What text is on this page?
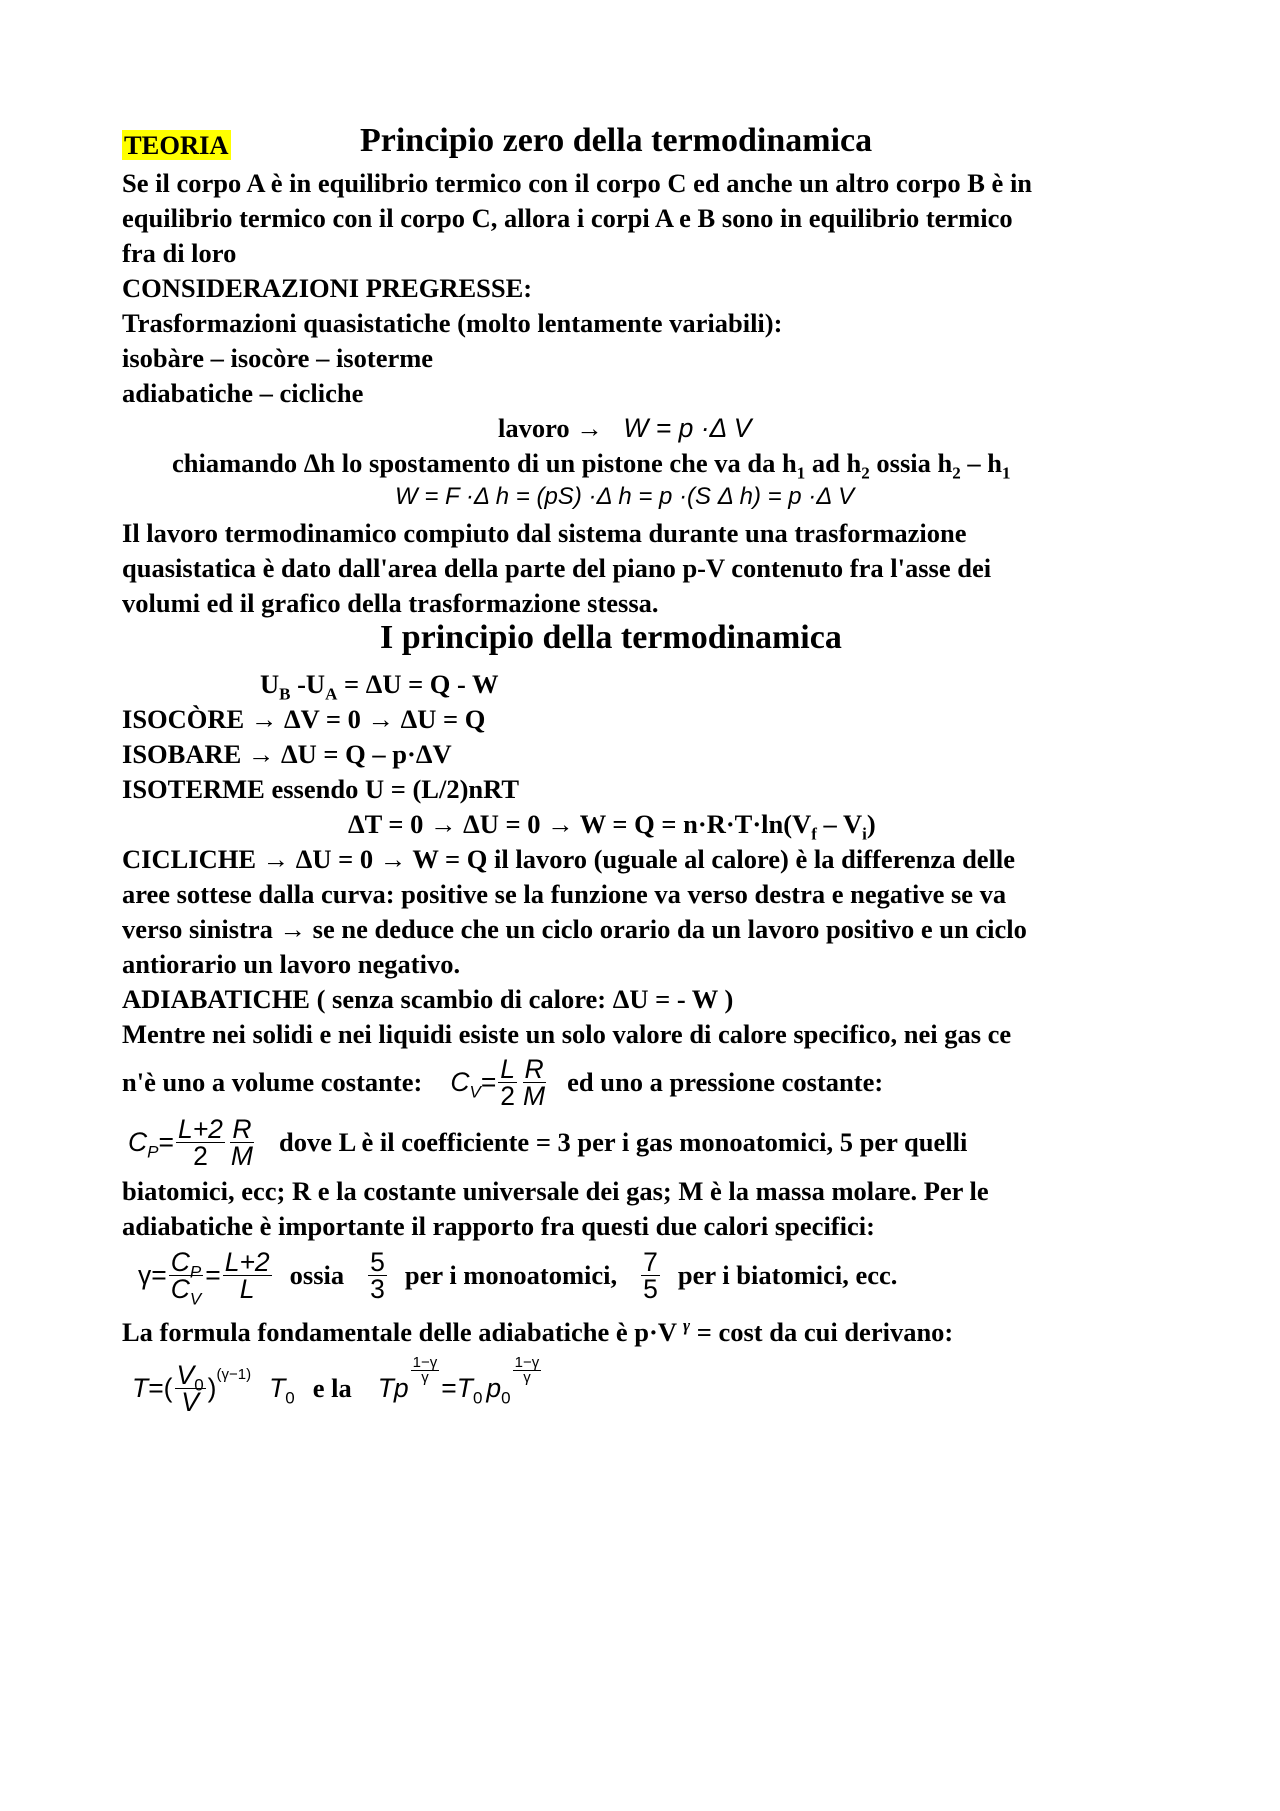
TEORIA	Principio zero della termodinamica
Se il corpo A è in equilibrio termico con il corpo C ed anche un altro corpo B è in
equilibrio termico con il corpo C, allora i corpi A e B sono in equilibrio termico
fra di loro
CONSIDERAZIONI PREGRESSE:
Trasformazioni quasistatiche (molto lentamente variabili):
isobàre – isocòre – isoterme
adiabatiche – cicliche
lavoro → W = p ·Δ V
chiamando Δh lo spostamento di un pistone che va da $h_1$ ad $h_2$ ossia $h_2 - h_1$
W = F ·Δ h = (pS) ·Δ h = p ·(S Δ h) = p ·Δ V
Il lavoro termodinamico compiuto dal sistema durante una trasformazione
quasistatica è dato dall'area della parte del piano p-V contenuto fra l'asse dei
volumi ed il grafico della trasformazione stessa.
I principio della termodinamica
$U_B$ $-U_A = \Delta U = Q - W$
ISOCÒRE → ΔV = 0 → ΔU = Q
ISOBARE → ΔU = Q – p·ΔV
ISOTERME essendo U = (L/2)nRT
$\Delta T = 0 \to \Delta U = 0 \to W = Q = n\cdot R\cdot T\cdot\ln(V_f - V_i)$
CICLICHE → ΔU = 0 → W = Q il lavoro (uguale al calore) è la differenza delle
aree sottese dalla curva: positive se la funzione va verso destra e negative se va
verso sinistra → se ne deduce che un ciclo orario da un lavoro positivo e un ciclo
antiorario un lavoro negativo.
ADIABATICHE ( senza scambio di calore: ΔU = - W )
Mentre nei solidi e nei liquidi esiste un solo valore di calore specifico, nei gas ce
n'è uno a volume costante: $C_V = \frac{L}{2} \frac{R}{M}$ ed uno a pressione costante:
$C_P = \frac{L+2}{2} \frac{R}{M}$ dove L è il coefficiente = 3 per i gas monoatomici, 5 per quelli
biatomici, ecc; R e la costante universale dei gas; M è la massa molare. Per le
adiabatiche è importante il rapporto fra questi due calori specifici:
$\gamma = \frac{C_P}{C_V} = \frac{L+2}{L}$ ossia $\frac{5}{3}$ per i monoatomici, $\frac{7}{5}$ per i biatomici, ecc.
La formula fondamentale delle adiabatiche è p·V $^\gamma$ = cost da cui derivano:
T = ( $\frac{V_0}{V}$ ) (γ−1) $T_0$ e la Tp
$\frac{1-\gamma}{\gamma}$
= $T_0$ $p_0$
$\frac{1-\gamma}{\gamma}$
